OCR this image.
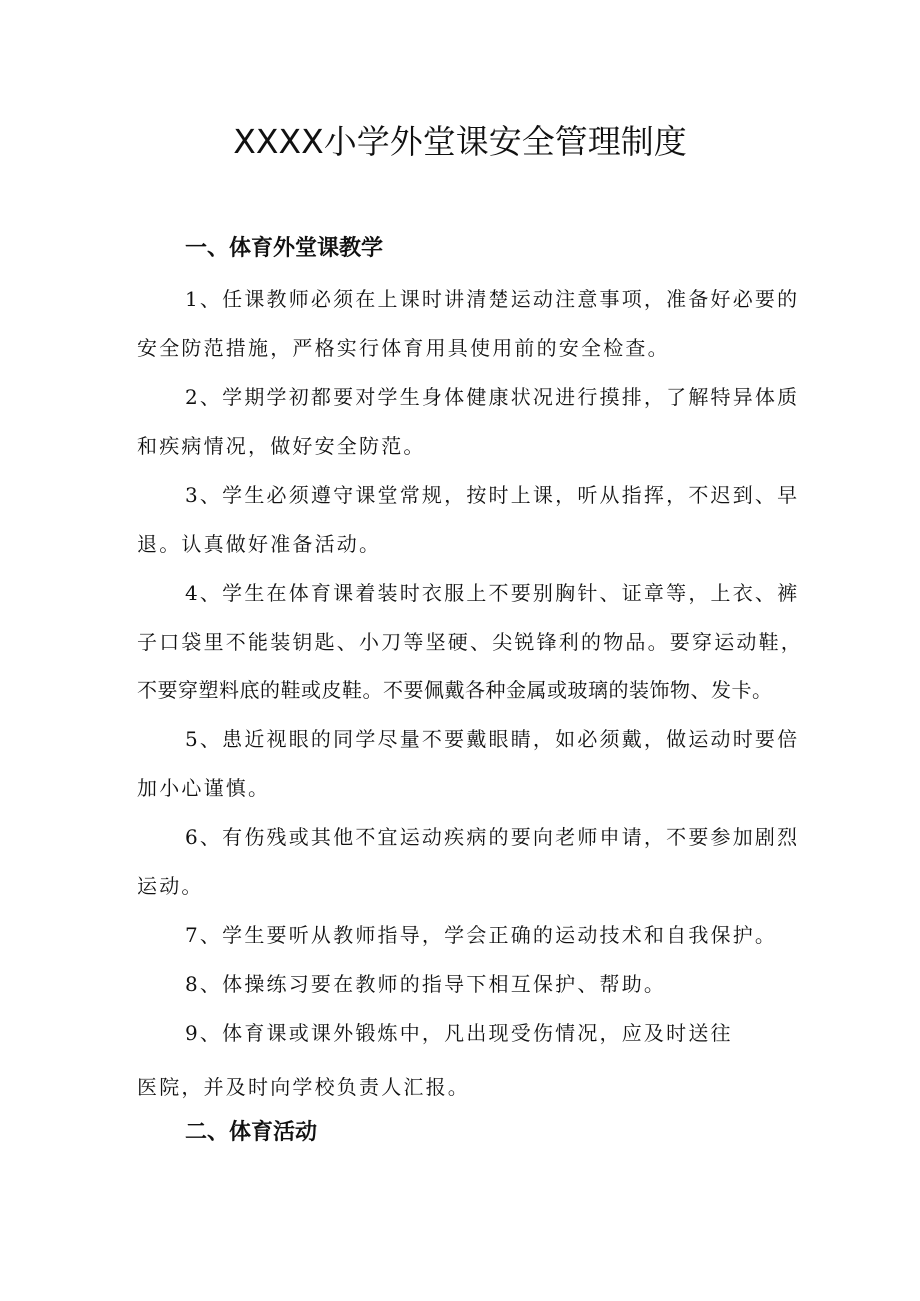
XXXX小学外堂课安全管理制度
一、体育外堂课教学
1、任课教师必须在上课时讲清楚运动注意事项，准备好必要的
安全防范措施，严格实行体育用具使用前的安全检查。
2、学期学初都要对学生身体健康状况进行摸排，了解特异体质
和疾病情况，做好安全防范。
3、学生必须遵守课堂常规，按时上课，听从指挥，不迟到、早
退。认真做好准备活动。
4、学生在体育课着装时衣服上不要别胸针、证章等，上衣、裤
子口袋里不能装钥匙、小刀等坚硬、尖锐锋利的物品。要穿运动鞋，
不要穿塑料底的鞋或皮鞋。不要佩戴各种金属或玻璃的装饰物、发卡。
5、患近视眼的同学尽量不要戴眼睛，如必须戴，做运动时要倍
加小心谨慎。
6、有伤残或其他不宜运动疾病的要向老师申请，不要参加剧烈
运动。
7、学生要听从教师指导，学会正确的运动技术和自我保护。
8、体操练习要在教师的指导下相互保护、帮助。
9、体育课或课外锻炼中，凡出现受伤情况，应及时送往
医院，并及时向学校负责人汇报。
二、体育活动
